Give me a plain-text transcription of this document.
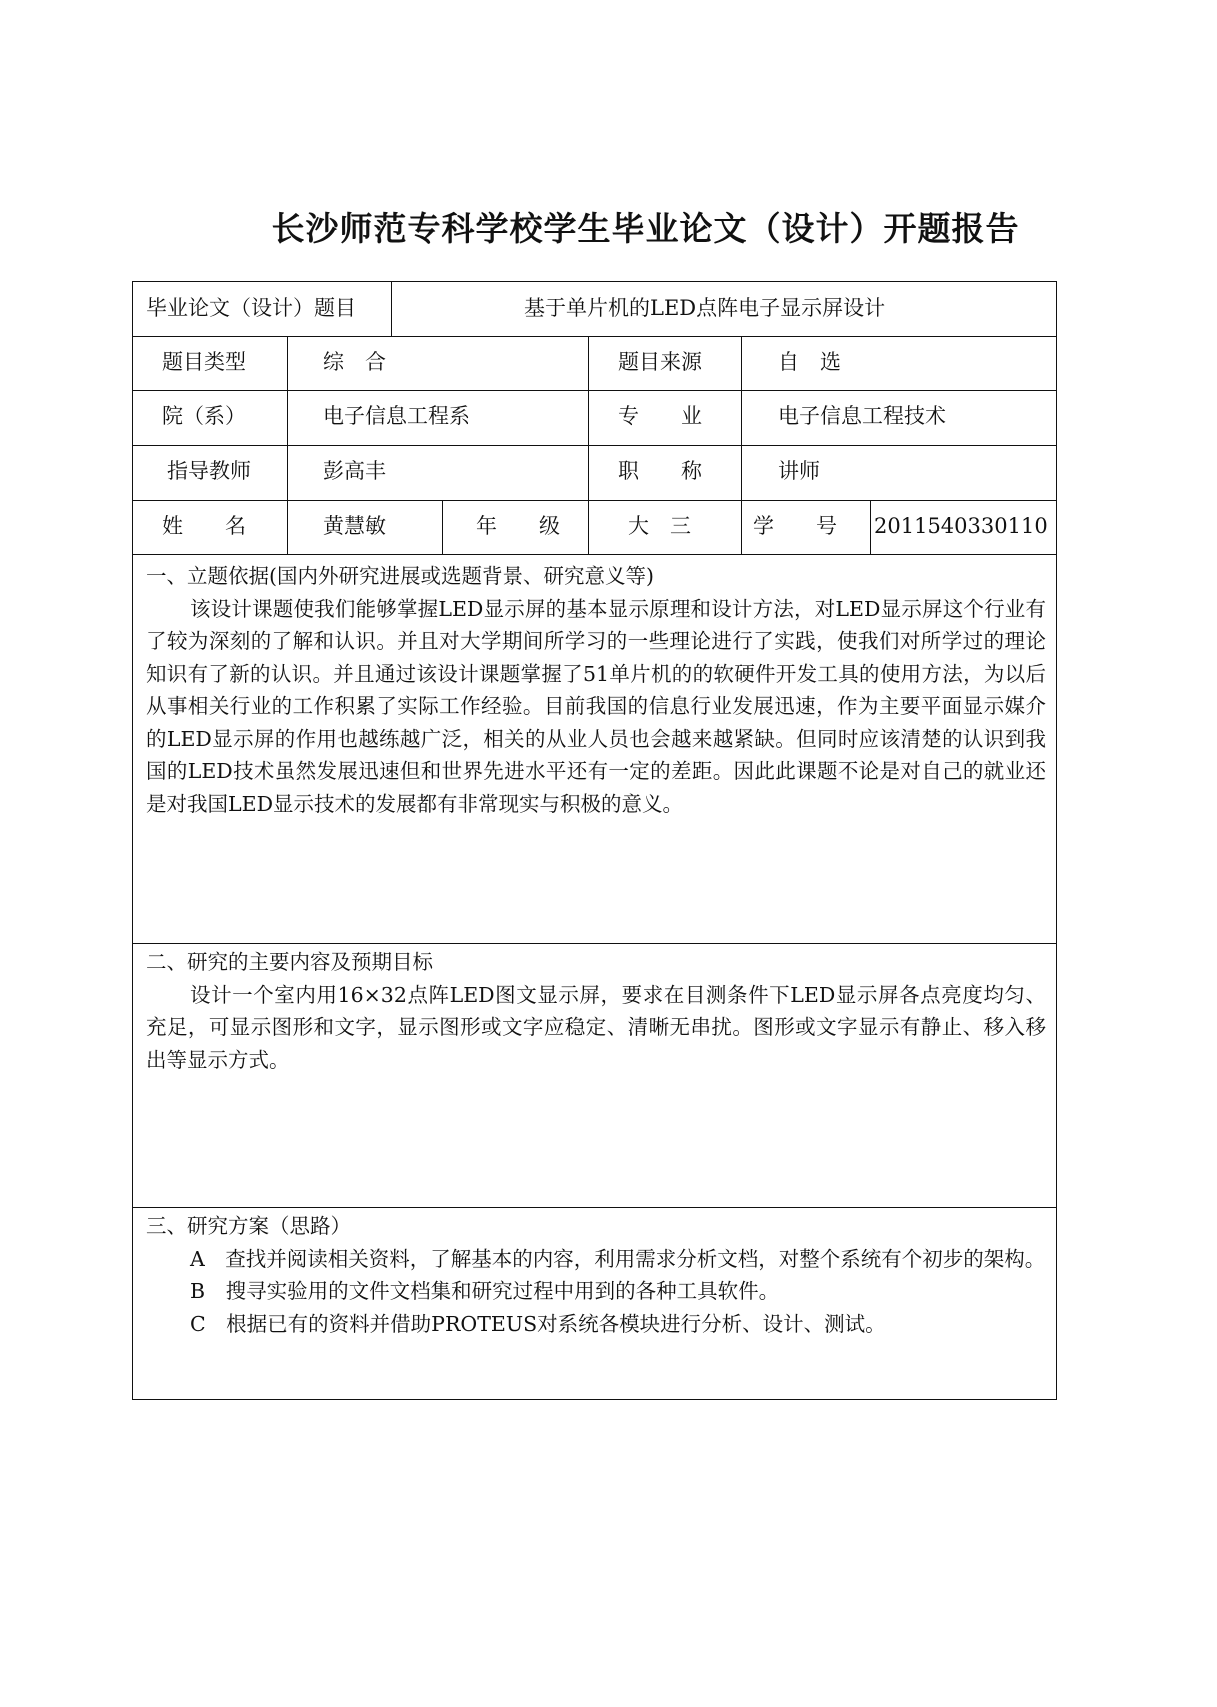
长沙师范专科学校学生毕业论文（设计）开题报告
毕业论文（设计）题目	基于单片机的LED点阵电子显示屏设计
题目类型	综　合	题目来源	自　选
院（系）	电子信息工程系	专　　业	电子信息工程技术
指导教师	彭高丰	职　　称	讲师
姓　　名	黄慧敏	年　　级	大　三	学　　号 2011540330110

一、立题依据(国内外研究进展或选题背景、研究意义等)

该设计课题使我们能够掌握LED显示屏的基本显示原理和设计方法，对LED显示屏这个行业有了较为深刻的了解和认识。并且对大学期间所学习的一些理论进行了实践，使我们对所学过的理论知识有了新的认识。并且通过该设计课题掌握了51单片机的的软硬件开发工具的使用方法，为以后从事相关行业的工作积累了实际工作经验。目前我国的信息行业发展迅速，作为主要平面显示媒介的LED显示屏的作用也越练越广泛，相关的从业人员也会越来越紧缺。但同时应该清楚的认识到我国的LED技术虽然发展迅速但和世界先进水平还有一定的差距。因此此课题不论是对自己的就业还是对我国LED显示技术的发展都有非常现实与积极的意义。

二、研究的主要内容及预期目标

设计一个室内用16×32点阵LED图文显示屏，要求在目测条件下LED显示屏各点亮度均匀、充足，可显示图形和文字，显示图形或文字应稳定、清晰无串扰。图形或文字显示有静止、移入移出等显示方式。

三、研究方案（思路）

A　查找并阅读相关资料，了解基本的内容，利用需求分析文档，对整个系统有个初步的架构。

B　搜寻实验用的文件文档集和研究过程中用到的各种工具软件。

C　根据已有的资料并借助PROTEUS对系统各模块进行分析、设计、测试。
